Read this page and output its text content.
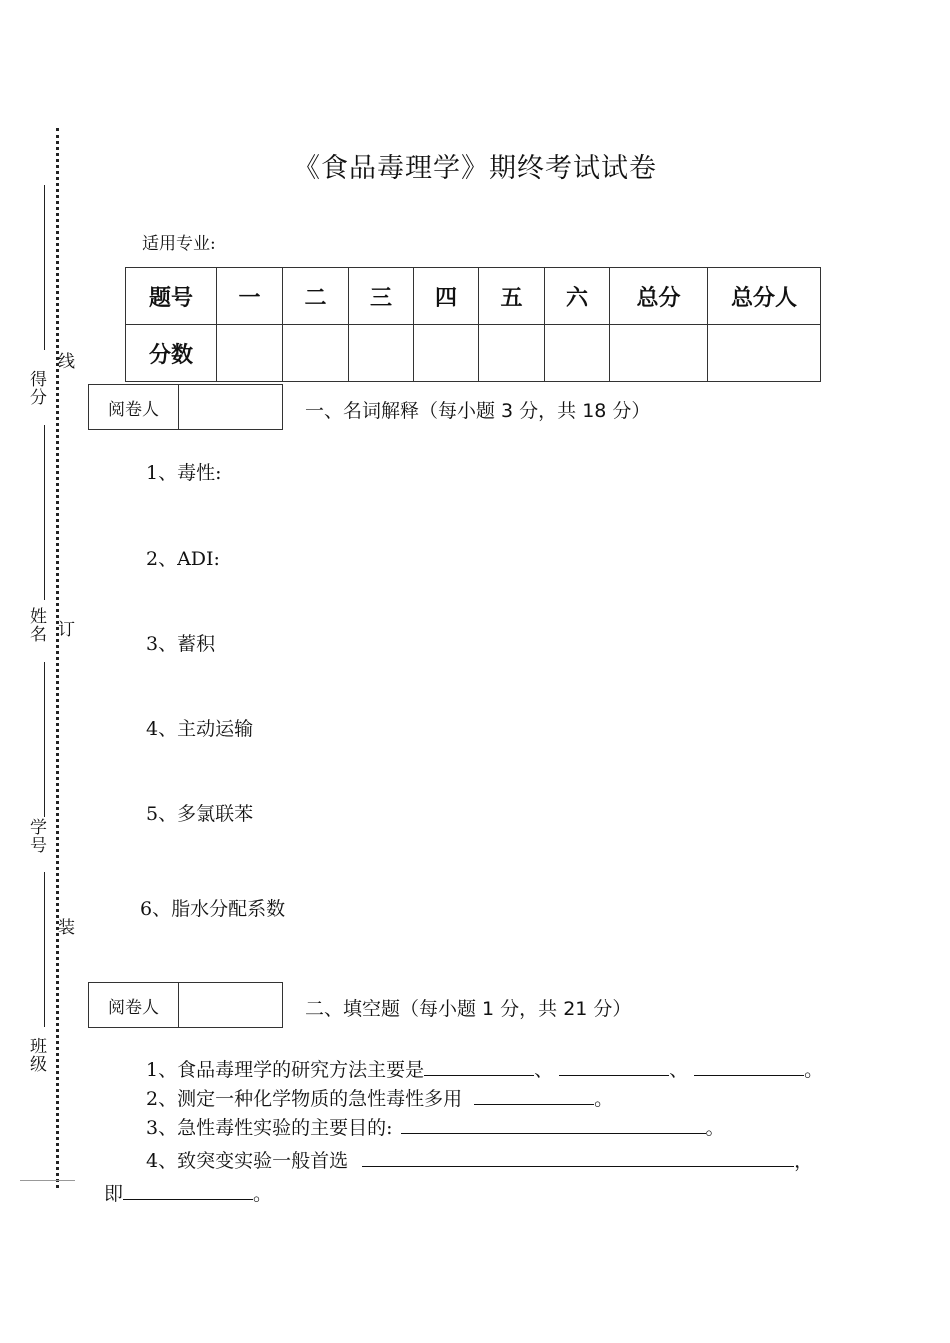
线
订
装
得分
姓名
学号
班级
《食品毒理学》期终考试试卷
适用专业:
题号	一	二	三	四	五	六	总分	总分人
分数								
阅卷人	一、名词解释（每小题 3 分，共 18 分）
1、毒性:
2、ADI:
3、蓄积
4、主动运输
5、多氯联苯
6、脂水分配系数
阅卷人	二、填空题（每小题 1 分，共 21 分）
1、食品毒理学的研究方法主要是	、	、	。
2、测定一种化学物质的急性毒性多用	。
3、急性毒性实验的主要目的:	。
4、致突变实验一般首选	，
即	。
